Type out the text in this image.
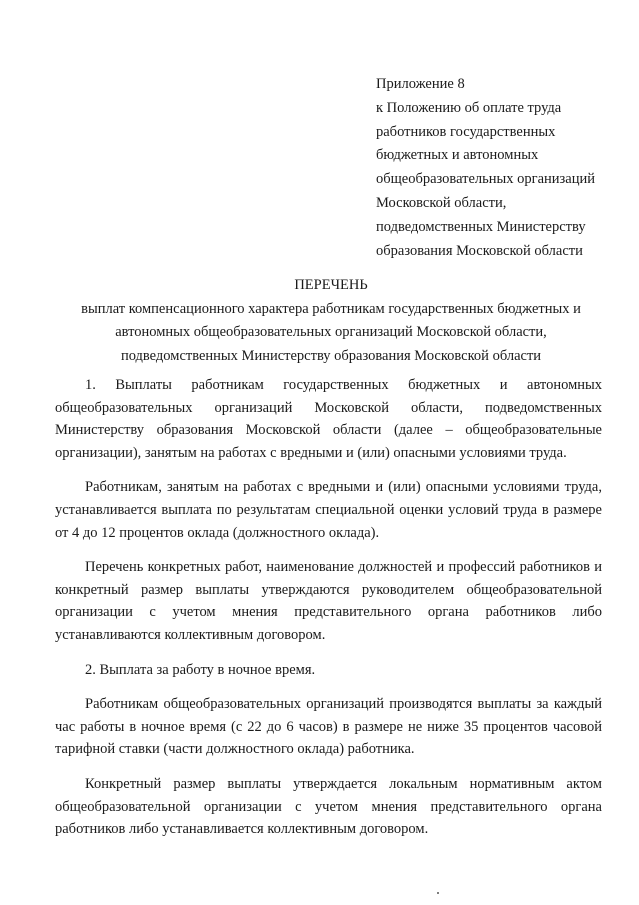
Приложение 8
к Положению об оплате труда
работников государственных
бюджетных и автономных
общеобразовательных организаций
Московской области,
подведомственных Министерству
образования Московской области
ПЕРЕЧЕНЬ
выплат компенсационного характера работникам государственных бюджетных и
автономных общеобразовательных организаций Московской области,
подведомственных Министерству образования Московской области

1. Выплаты работникам государственных бюджетных и автономных общеобразовательных организаций Московской области, подведомственных Министерству образования Московской области (далее – общеобразовательные организации), занятым на работах с вредными и (или) опасными условиями труда.

Работникам, занятым на работах с вредными и (или) опасными условиями труда, устанавливается выплата по результатам специальной оценки условий труда в размере от 4 до 12 процентов оклада (должностного оклада).

Перечень конкретных работ, наименование должностей и профессий работников и конкретный размер выплаты утверждаются руководителем общеобразовательной организации с учетом мнения представительного органа работников либо устанавливаются коллективным договором.

2. Выплата за работу в ночное время.

Работникам общеобразовательных организаций производятся выплаты за каждый час работы в ночное время (с 22 до 6 часов) в размере не ниже 35 процентов часовой тарифной ставки (части должностного оклада) работника.

Конкретный размер выплаты утверждается локальным нормативным актом общеобразовательной организации с учетом мнения представительного органа работников либо устанавливаетcя коллективным договором.
